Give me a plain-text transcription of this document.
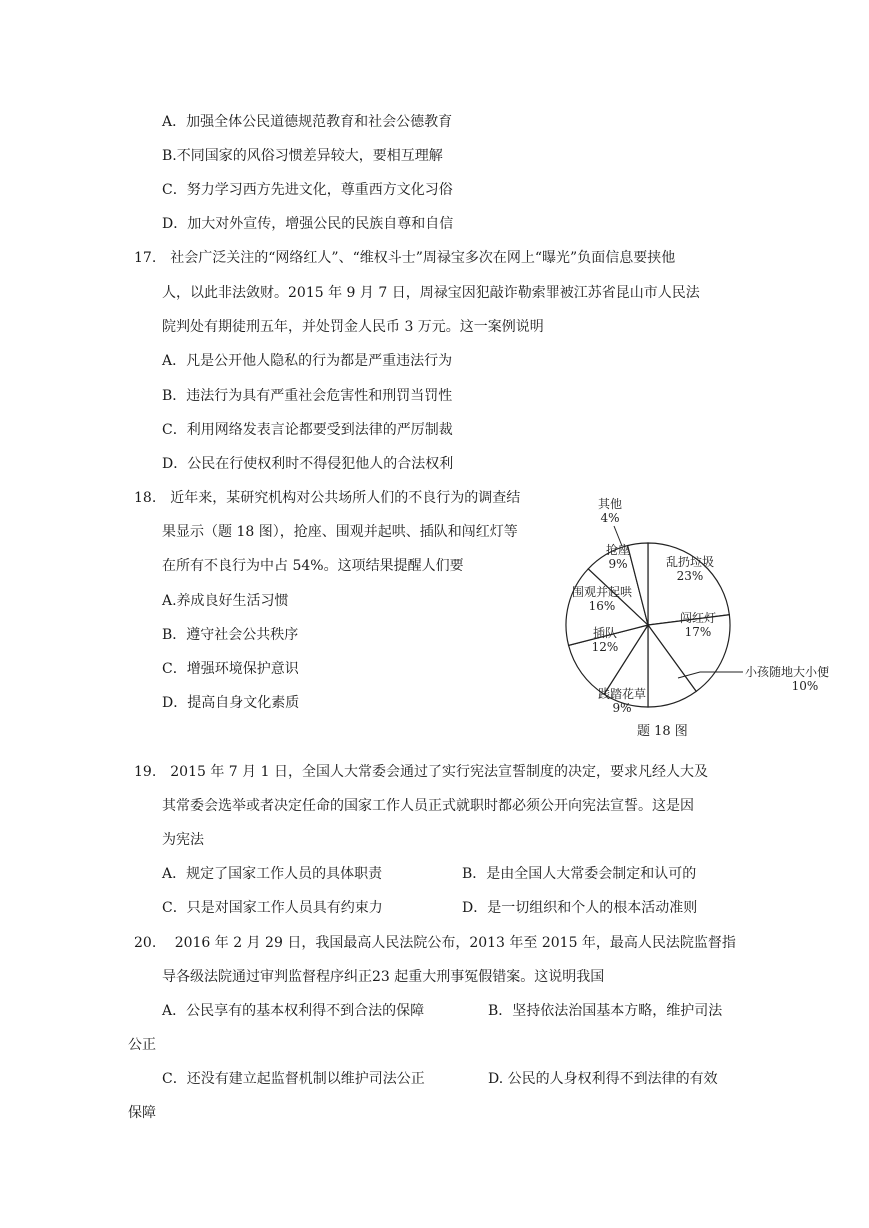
A．加强全体公民道德规范教育和社会公德教育
B.不同国家的风俗习惯差异较大，要相互理解
C．努力学习西方先进文化，尊重西方文化习俗
D．加大对外宣传，增强公民的民族自尊和自信
17.　社会广泛关注的“网络红人”、“维权斗士”周禄宝多次在网上“曝光”负面信息要挟他
人，以此非法敛财。2015 年 9 月 7 日，周禄宝因犯敲诈勒索罪被江苏省昆山市人民法
院判处有期徒刑五年，并处罚金人民币 3 万元。这一案例说明
A．凡是公开他人隐私的行为都是严重违法行为
B．违法行为具有严重社会危害性和刑罚当罚性
C．利用网络发表言论都要受到法律的严厉制裁
D．公民在行使权利时不得侵犯他人的合法权利
18.　近年来，某研究机构对公共场所人们的不良行为的调查结
果显示（题 18 图），抢座、围观并起哄、插队和闯红灯等
在所有不良行为中占 54%。这项结果提醒人们要
A.养成良好生活习惯
B．遵守社会公共秩序
C．增强环境保护意识
D．提高自身文化素质
乱扔垃圾
23%
闯红灯
17%
小孩随地大小便
10%
践踏花草
9%
插队
12%
围观并起哄
16%
抢座
9%
其他
4%
题 18 图
19.　2015 年 7 月 1 日，全国人大常委会通过了实行宪法宣誓制度的决定，要求凡经人大及
其常委会选举或者决定任命的国家工作人员正式就职时都必须公开向宪法宣誓。这是因
为宪法
A．规定了国家工作人员的具体职责	B．是由全国人大常委会制定和认可的
C．只是对国家工作人员具有约束力	D．是一切组织和个人的根本活动准则
20.　 2016 年 2 月 29 日，我国最高人民法院公布，2013 年至 2015 年，最高人民法院监督指
导各级法院通过审判监督程序纠正23 起重大刑事冤假错案。这说明我国
A．公民享有的基本权利得不到合法的保障	B．坚持依法治国基本方略，维护司法
公正
C．还没有建立起监督机制以维护司法公正	D. 公民的人身权利得不到法律的有效
保障
